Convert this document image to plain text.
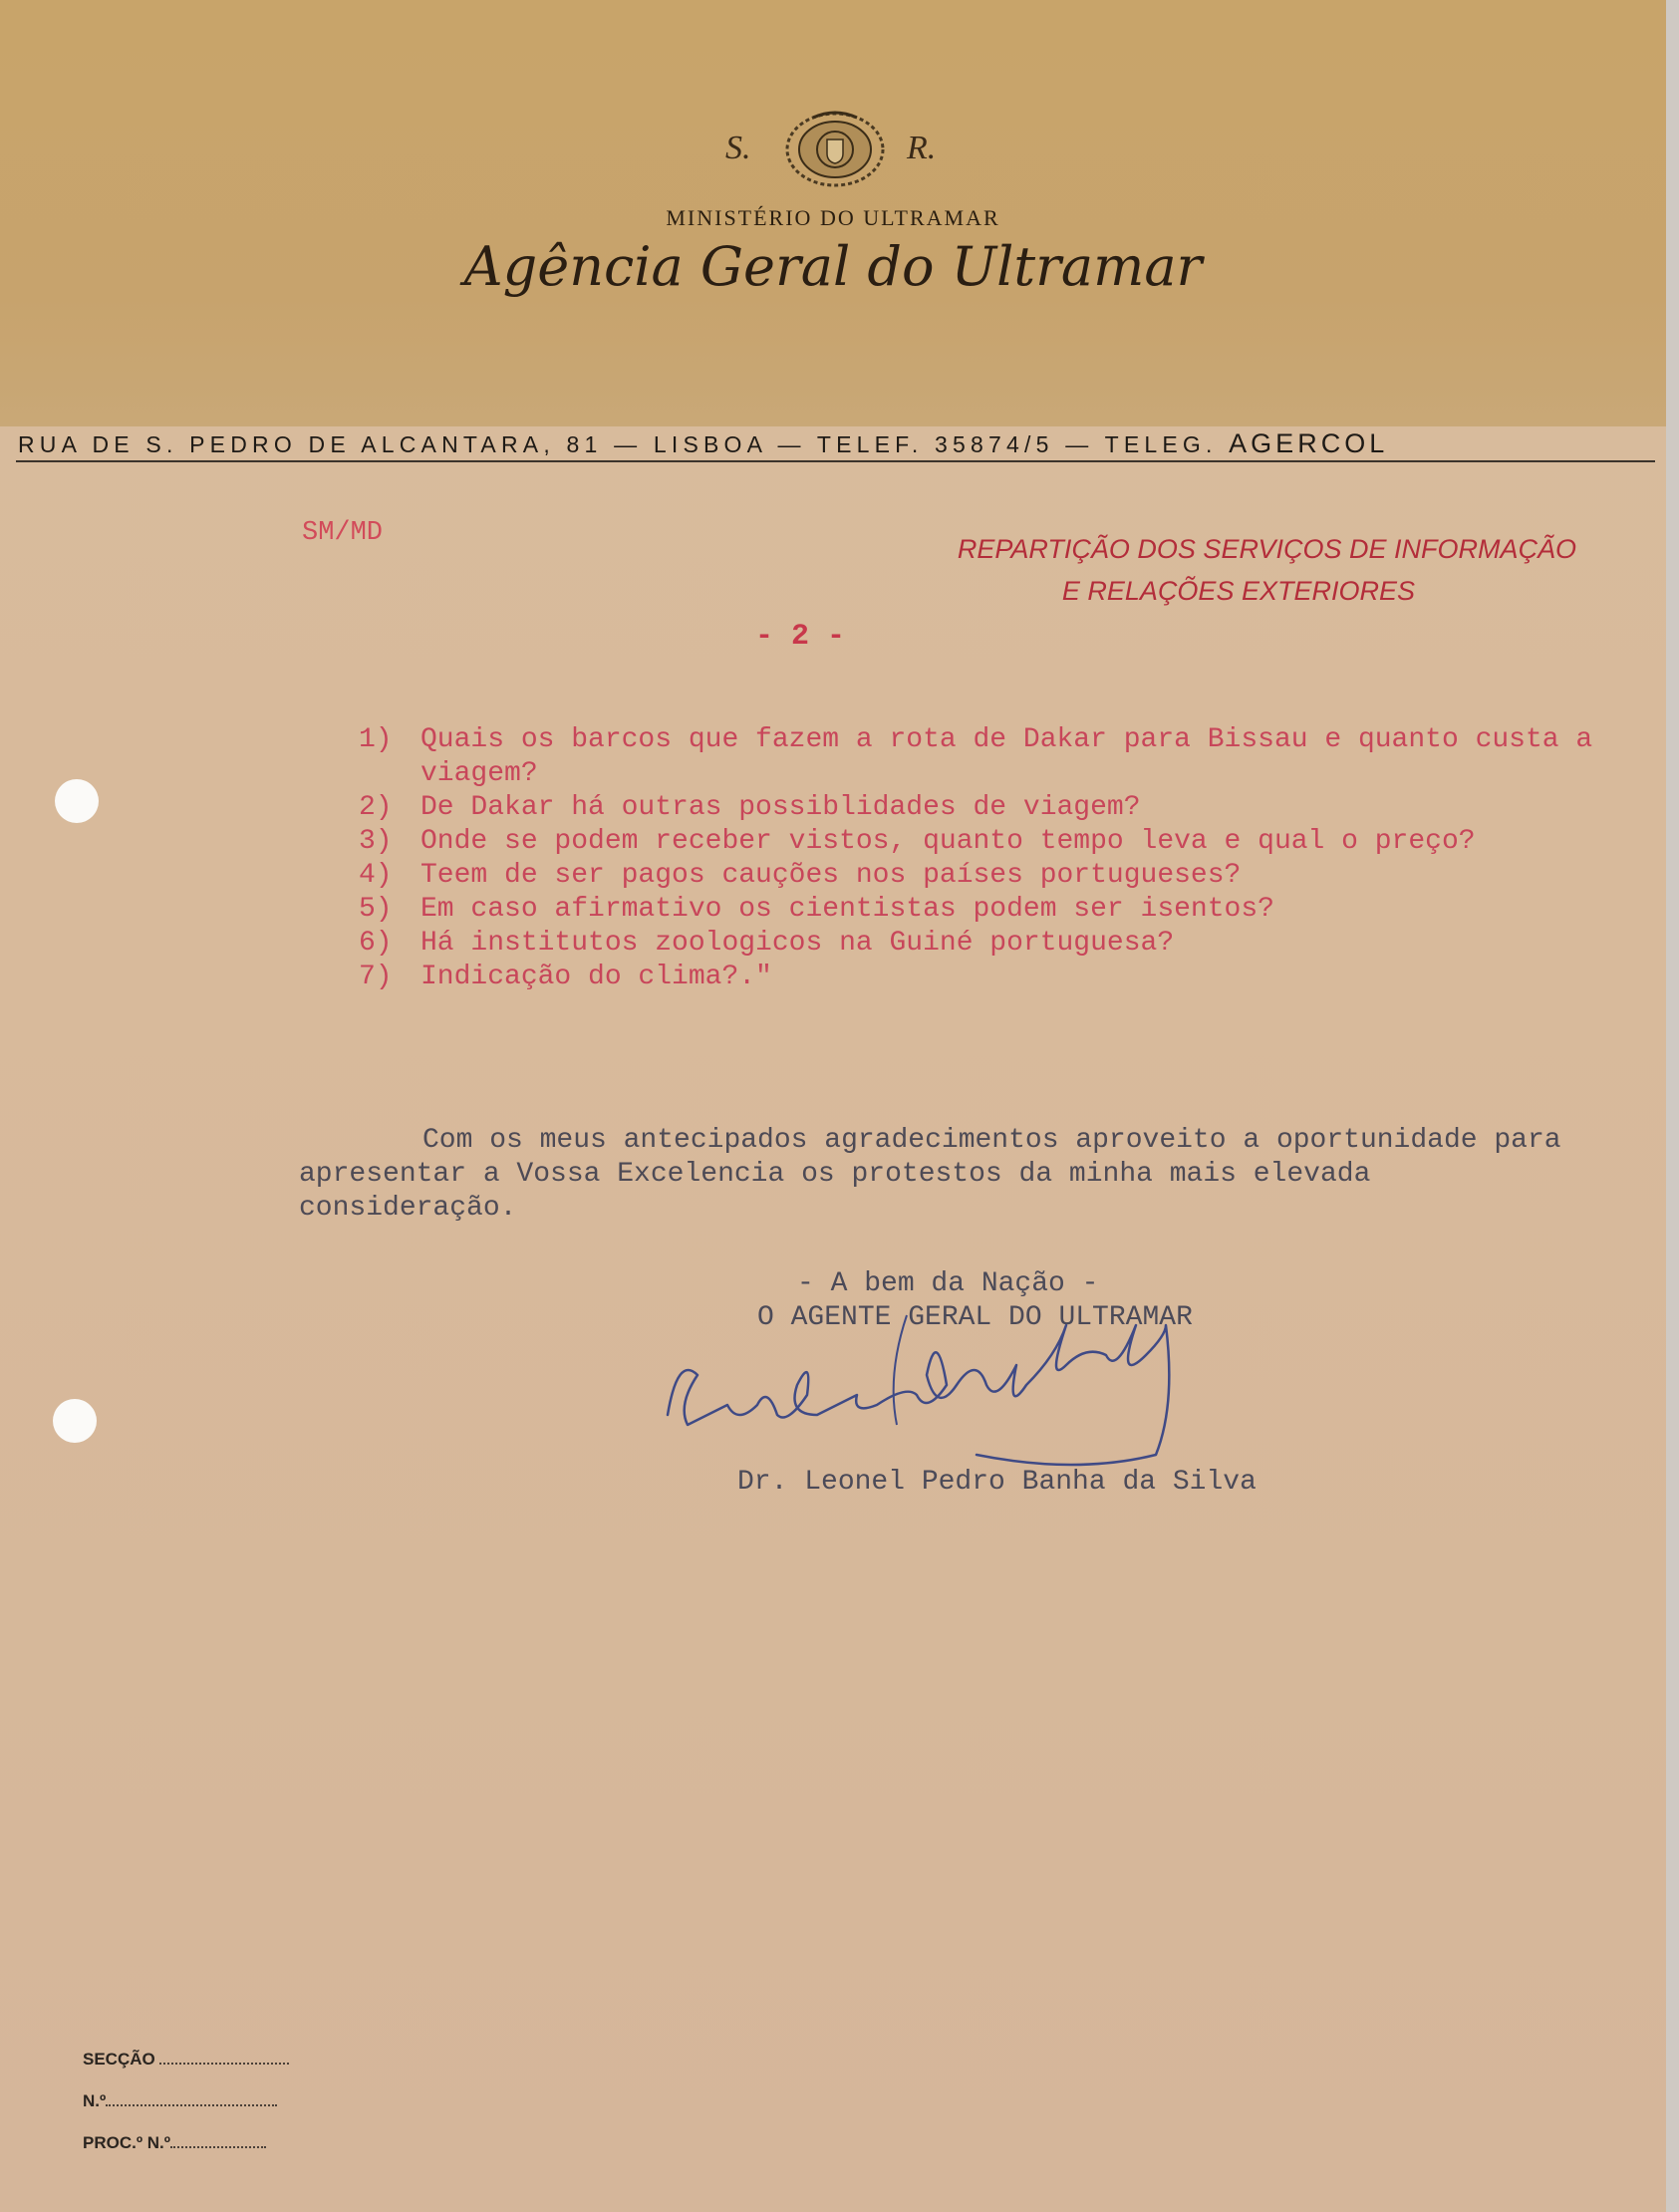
S.	R.
MINISTÉRIO DO ULTRAMAR
Agência Geral do Ultramar
RUA DE S. PEDRO DE ALCANTARA, 81 — LISBOA — TELEF. 35874/5 — TELEG. AGERCOL
SM/MD
REPARTIÇÃO DOS SERVIÇOS DE INFORMAÇÃO
E RELAÇÕES EXTERIORES
- 2 -
1) Quais os barcos que fazem a rota de Dakar para Bissau e quanto custa a viagem?
2) De Dakar há outras possiblidades de viagem?
3) Onde se podem receber vistos, quanto tempo leva e qual o preço?
4) Teem de ser pagos cauções nos países portugueses?
5) Em caso afirmativo os cientistas podem ser isentos?
6) Há institutos zoologicos na Guiné portuguesa?
7) Indicação do clima?."

Com os meus antecipados agradecimentos aproveito a oportunidade para apresentar a Vossa Excelencia os protestos da minha mais elevada consideração.

- A bem da Nação -
O AGENTE GERAL DO ULTRAMAR
Dr. Leonel Pedro Banha da Silva
SECÇÃO
N.º
PROC.º N.º
